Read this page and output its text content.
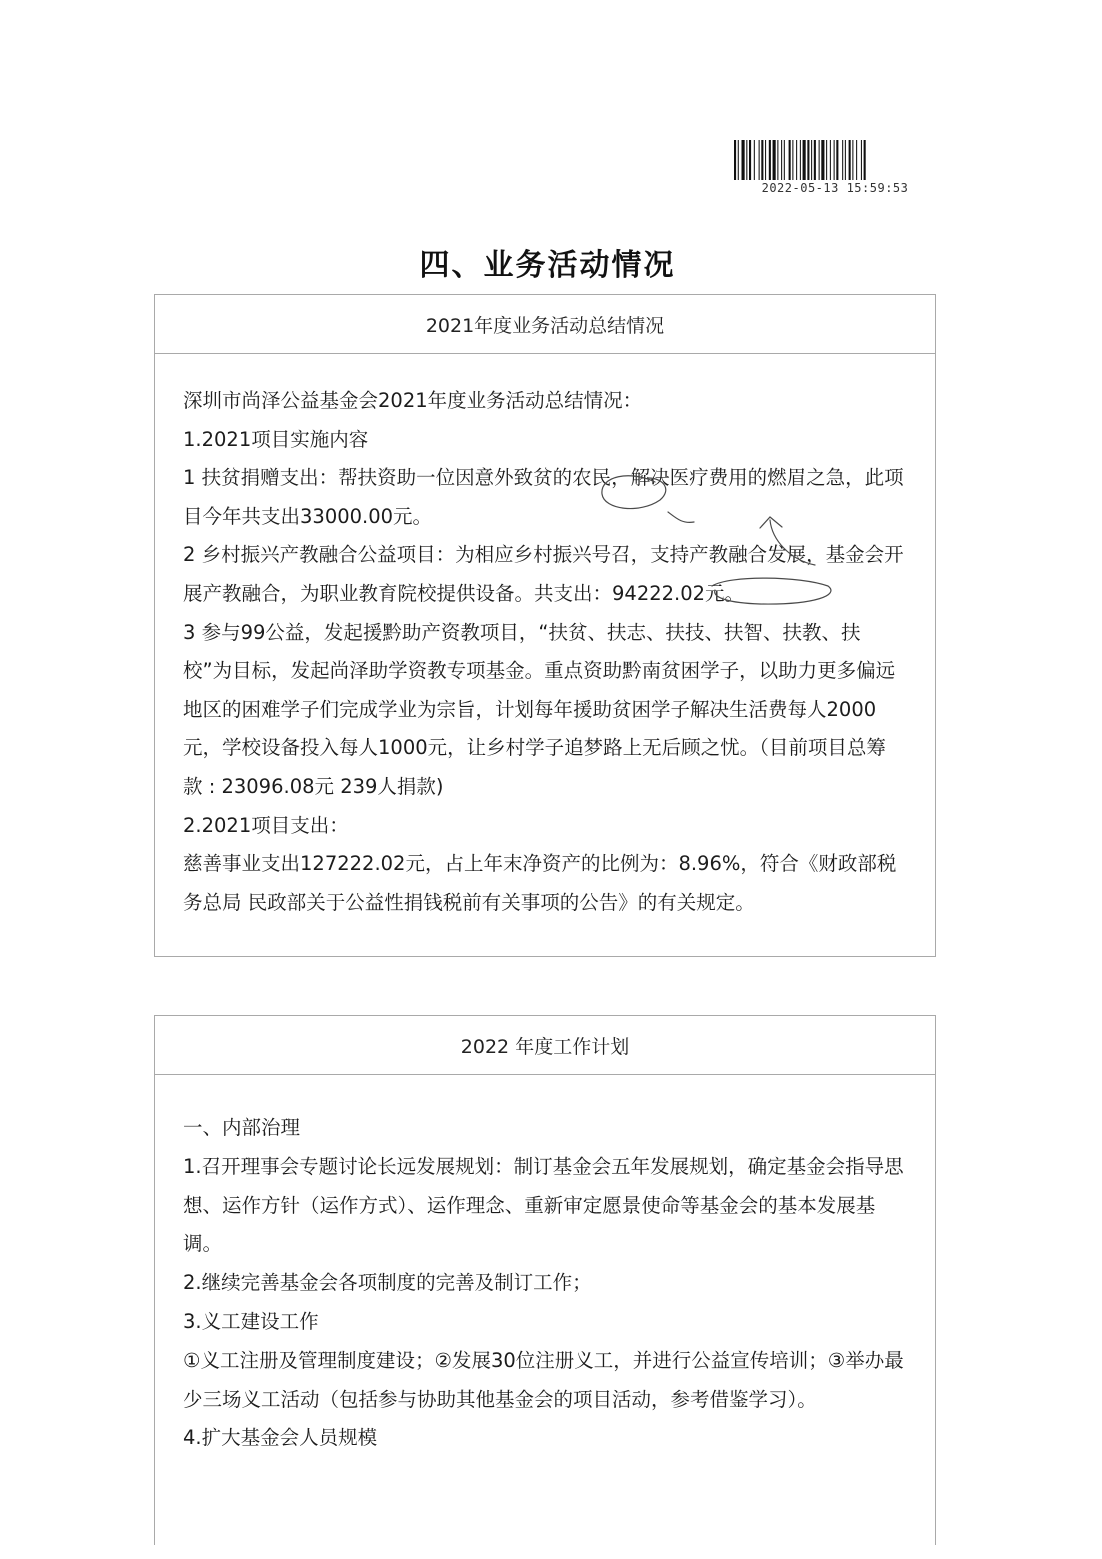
2022-05-13 15:59:53
四、业务活动情况
2021年度业务活动总结情况

深圳市尚泽公益基金会2021年度业务活动总结情况：

1.2021项目实施内容

1 扶贫捐赠支出：帮扶资助一位因意外致贫的农民，解决医疗费用的燃眉之急，此项目今年共支出33000.00元。

2 乡村振兴产教融合公益项目：为相应乡村振兴号召，支持产教融合发展，基金会开展产教融合，为职业教育院校提供设备。共支出：94222.02元。

3 参与99公益，发起援黔助产资教项目，“扶贫、扶志、扶技、扶智、扶教、扶校”为目标，发起尚泽助学资教专项基金。重点资助黔南贫困学子，以助力更多偏远地区的困难学子们完成学业为宗旨，计划每年援助贫困学子解决生活费每人2000元，学校设备投入每人1000元，让乡村学子追梦路上无后顾之忧。（目前项目总筹款 : 23096.08元 239人捐款)

2.2021项目支出：

慈善事业支出127222.02元，占上年末净资产的比例为：8.96%，符合《财政部税务总局 民政部关于公益性捐钱税前有关事项的公告》的有关规定。

2022 年度工作计划

一、内部治理

1.召开理事会专题讨论长远发展规划：制订基金会五年发展规划，确定基金会指导思想、运作方针（运作方式）、运作理念、重新审定愿景使命等基金会的基本发展基调。

2.继续完善基金会各项制度的完善及制订工作；

3.义工建设工作

①义工注册及管理制度建设；②发展30位注册义工，并进行公益宣传培训；③举办最少三场义工活动（包括参与协助其他基金会的项目活动，参考借鉴学习）。

4.扩大基金会人员规模
